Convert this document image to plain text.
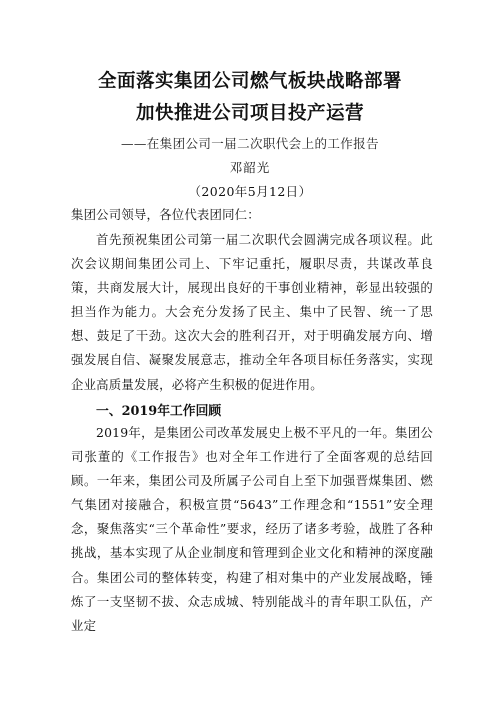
全面落实集团公司燃气板块战略部署
加快推进公司项目投产运营
——在集团公司一届二次职代会上的工作报告
邓韶光
（2020年5月12日）
集团公司领导，各位代表团同仁：
首先预祝集团公司第一届二次职代会圆满完成各项议程。此次会议期间集团公司上、下牢记重托，履职尽责，共谋改革良策，共商发展大计，展现出良好的干事创业精神，彰显出较强的担当作为能力。大会充分发扬了民主、集中了民智、统一了思想、鼓足了干劲。这次大会的胜利召开，对于明确发展方向、增强发展自信、凝聚发展意志，推动全年各项目标任务落实，实现企业高质量发展，必将产生积极的促进作用。
一、2019年工作回顾
2019年，是集团公司改革发展史上极不平凡的一年。集团公司张董的《工作报告》也对全年工作进行了全面客观的总结回顾。一年来，集团公司及所属子公司自上至下加强晋煤集团、燃气集团对接融合，积极宣贯“5643”工作理念和“1551”安全理念，聚焦落实“三个革命性”要求，经历了诸多考验，战胜了各种挑战，基本实现了从企业制度和管理到企业文化和精神的深度融合。集团公司的整体转变，构建了相对集中的产业发展战略，锤炼了一支坚韧不拔、众志成城、特别能战斗的青年职工队伍，产业定
